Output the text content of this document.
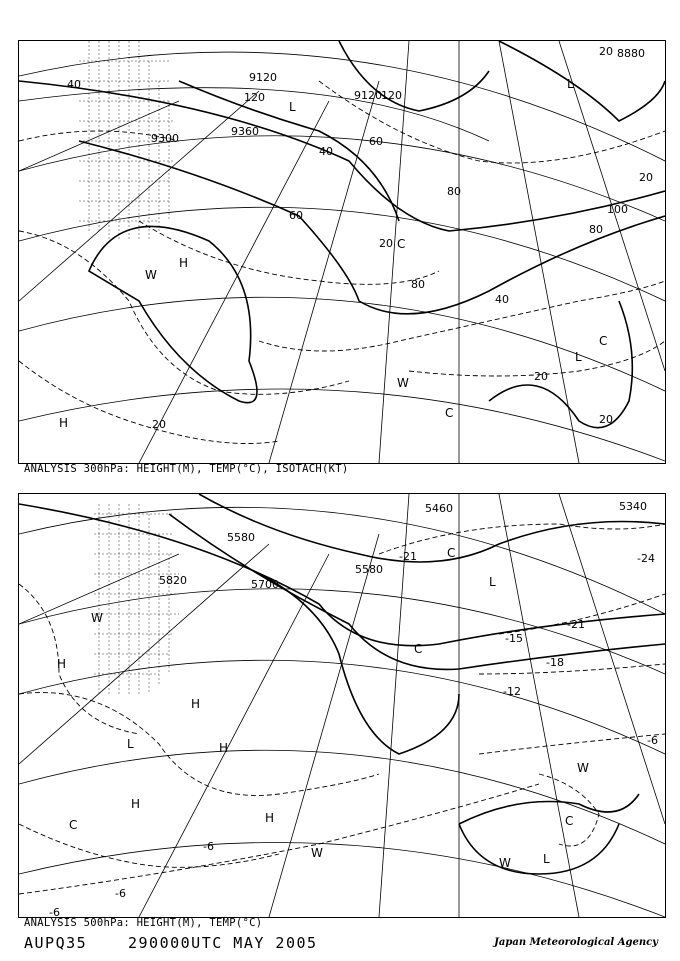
40
40
40
60
60
80
80
80
100
120	120
20
20
20
20
20
20 8880
9360
9300
9120
9120
H
H
W
W
C
C
C
L
L
L
ANALYSIS 300hPa: HEIGHT(M), TEMP(°C), ISOTACH(KT)
5460	5340
5580
5700
5820
5580
-24
-21
-18
-15
-12
-6
-6
-6
-21
-6
W
H
H
L
H
H
H
W
C
C
C
C
W	L
W
L
ANALYSIS 500hPa: HEIGHT(M), TEMP(°C)
AUPQ35	290000UTC MAY 2005	Japan Meteorological Agency
